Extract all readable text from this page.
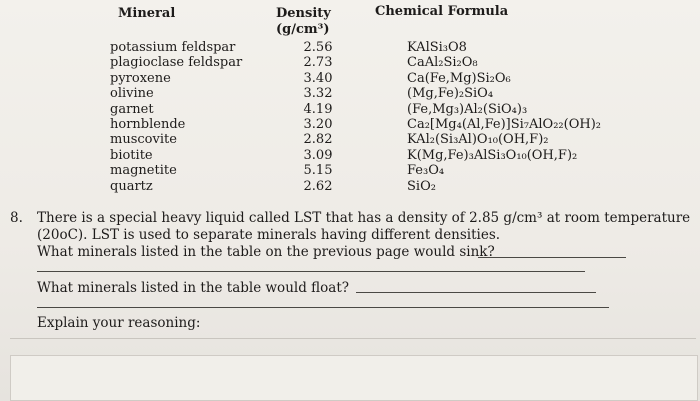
Mineral	Density
(g/cm³)
Chemical Formula
potassium feldspar
plagioclase feldspar
pyroxene
olivine
garnet
hornblende
muscovite
biotite
magnetite
quartz
2.56
2.73
3.40
3.32
4.19
3.20
2.82
3.09
5.15
2.62
KAlSi₃O8
CaAl₂Si₂O₈
Ca(Fe,Mg)Si₂O₆
(Mg,Fe)₂SiO₄
(Fe,Mg₃)Al₂(SiO₄)₃
Ca₂[Mg₄(Al,Fe)]Si₇AlO₂₂(OH)₂
KAl₂(Si₃Al)O₁₀(OH,F)₂
K(Mg,Fe)₃AlSi₃O₁₀(OH,F)₂
Fe₃O₄
SiO₂
8. There is a special heavy liquid called LST that has a density of 2.85 g/cm³ at room temperature
(20oC). LST is used to separate minerals having different densities.
What minerals listed in the table on the previous page would sink?
What minerals listed in the table would float?
Explain your reasoning:
